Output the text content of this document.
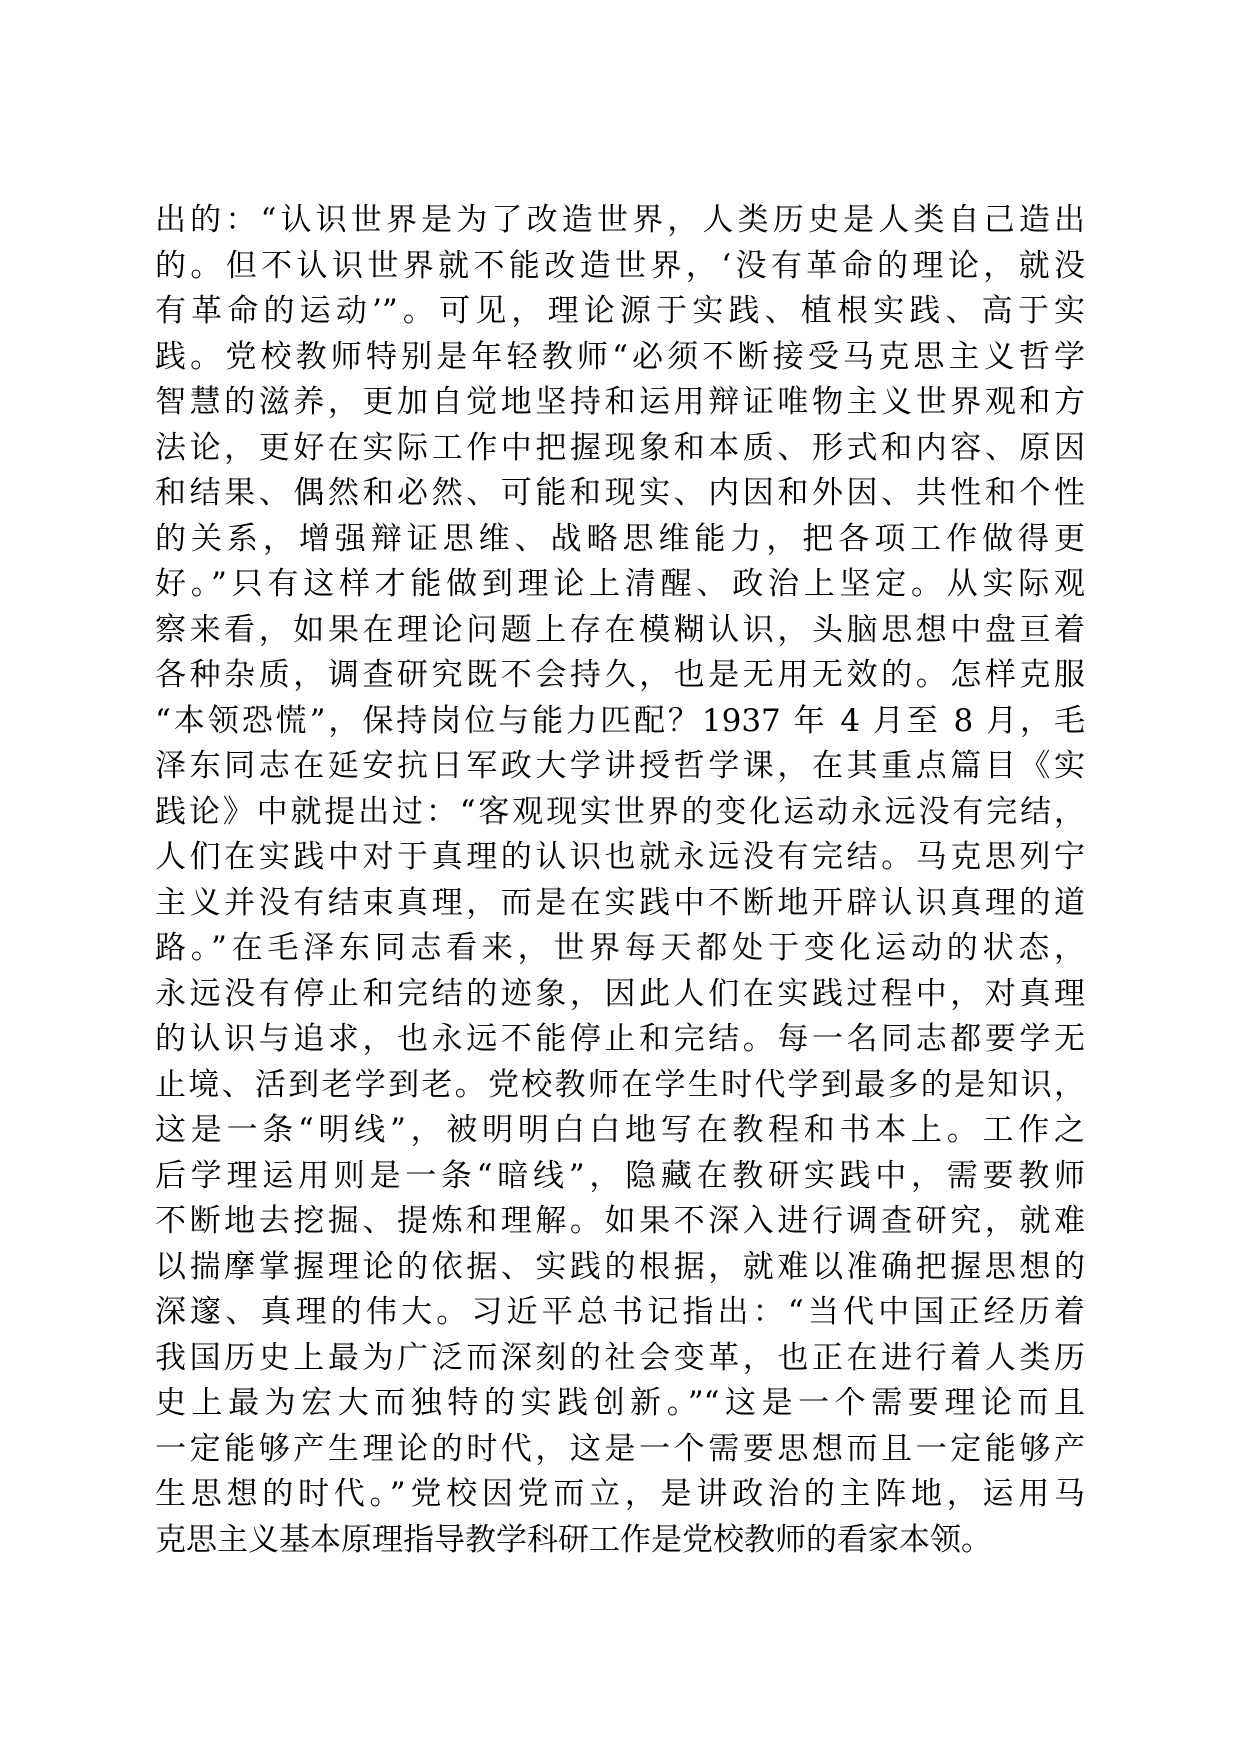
出的：“认识世界是为了改造世界，人类历史是人类自己造出
的。但不认识世界就不能改造世界，‘没有革命的理论，就没
有革命的运动’”。可见，理论源于实践、植根实践、高于实
践。党校教师特别是年轻教师“必须不断接受马克思主义哲学
智慧的滋养，更加自觉地坚持和运用辩证唯物主义世界观和方
法论，更好在实际工作中把握现象和本质、形式和内容、原因
和结果、偶然和必然、可能和现实、内因和外因、共性和个性
的关系，增强辩证思维、战略思维能力，把各项工作做得更
好。”只有这样才能做到理论上清醒、政治上坚定。从实际观
察来看，如果在理论问题上存在模糊认识，头脑思想中盘亘着
各种杂质，调查研究既不会持久，也是无用无效的。怎样克服
“本领恐慌”，保持岗位与能力匹配？1937 年 4 月至 8 月，毛
泽东同志在延安抗日军政大学讲授哲学课，在其重点篇目《实
践论》中就提出过：“客观现实世界的变化运动永远没有完结，
人们在实践中对于真理的认识也就永远没有完结。马克思列宁
主义并没有结束真理，而是在实践中不断地开辟认识真理的道
路。”在毛泽东同志看来，世界每天都处于变化运动的状态，
永远没有停止和完结的迹象，因此人们在实践过程中，对真理
的认识与追求，也永远不能停止和完结。每一名同志都要学无
止境、活到老学到老。党校教师在学生时代学到最多的是知识，
这是一条“明线”，被明明白白地写在教程和书本上。工作之
后学理运用则是一条“暗线”，隐藏在教研实践中，需要教师
不断地去挖掘、提炼和理解。如果不深入进行调查研究，就难
以揣摩掌握理论的依据、实践的根据，就难以准确把握思想的
深邃、真理的伟大。习近平总书记指出：“当代中国正经历着
我国历史上最为广泛而深刻的社会变革，也正在进行着人类历
史上最为宏大而独特的实践创新。”“这是一个需要理论而且
一定能够产生理论的时代，这是一个需要思想而且一定能够产
生思想的时代。”党校因党而立，是讲政治的主阵地，运用马
克思主义基本原理指导教学科研工作是党校教师的看家本领。
